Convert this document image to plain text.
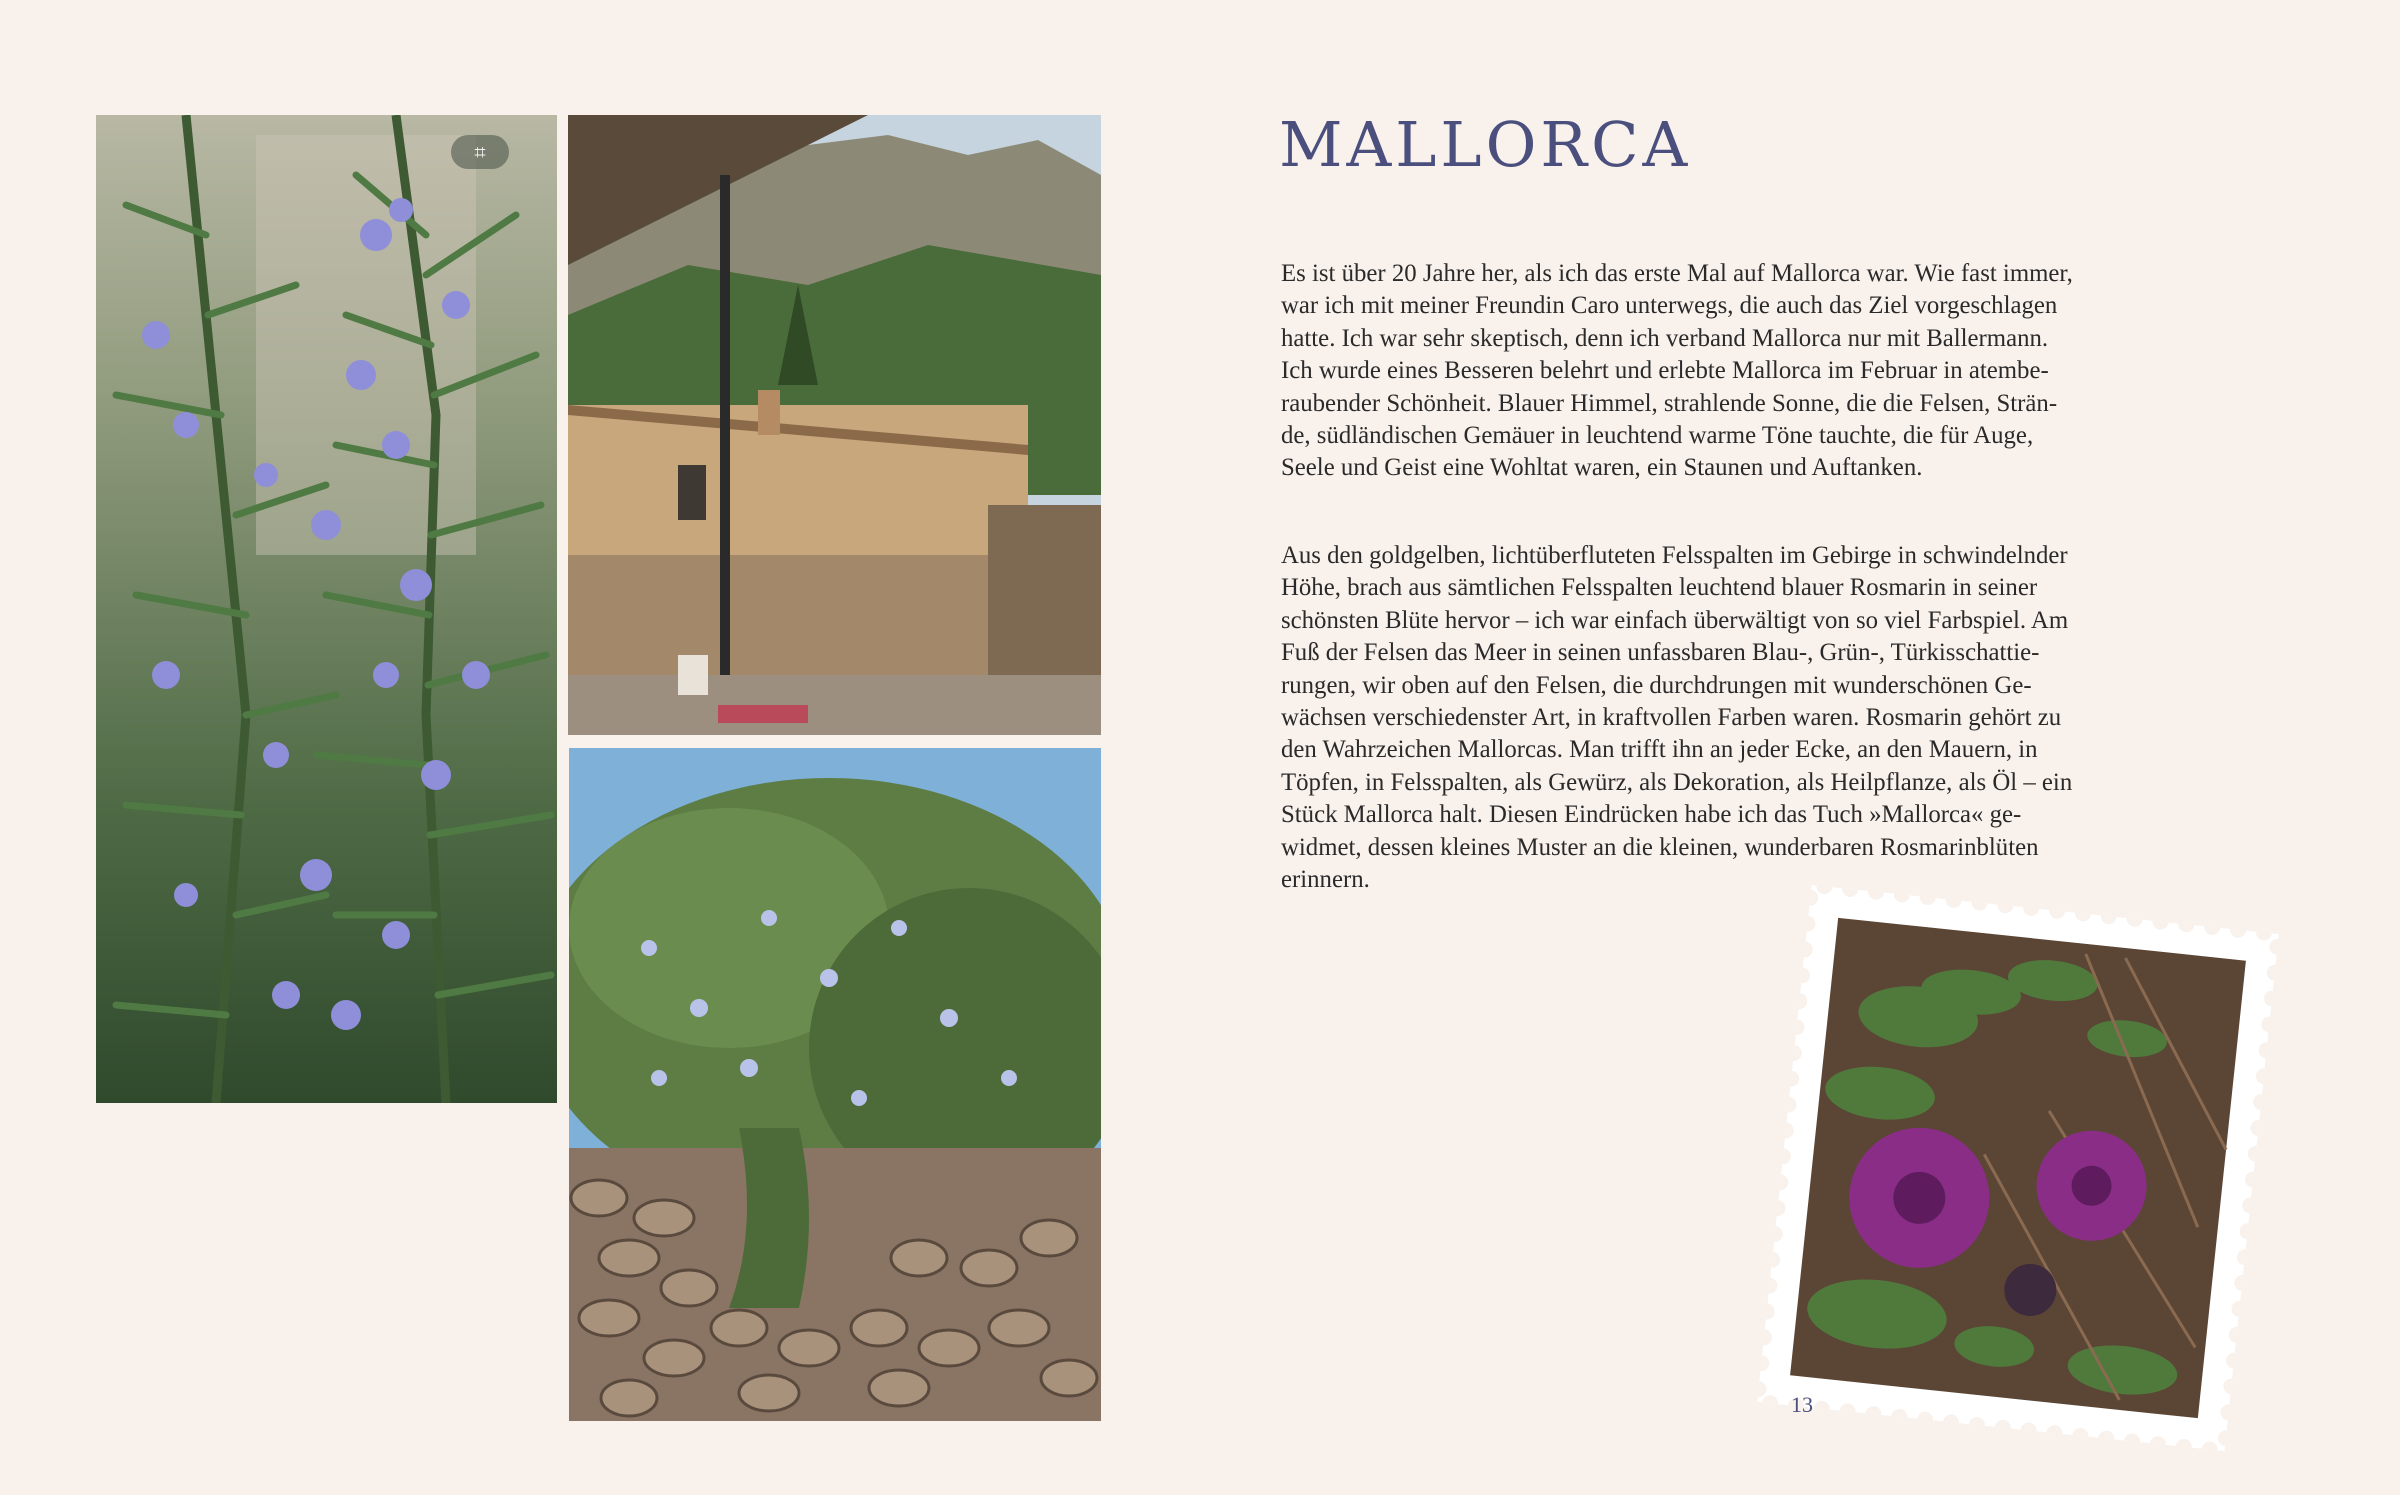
⌗	MALLORCA

Es ist über 20 Jahre her, als ich das erste Mal auf Mallorca war. Wie fast immer,
war ich mit meiner Freundin Caro unterwegs, die auch das Ziel vorgeschlagen
hatte. Ich war sehr skeptisch, denn ich verband Mallorca nur mit Ballermann.
Ich wurde eines Besseren belehrt und erlebte Mallorca im Februar in atembe-
raubender Schönheit. Blauer Himmel, strahlende Sonne, die die Felsen, Strän-
de, südländischen Gemäuer in leuchtend warme Töne tauchte, die für Auge,
Seele und Geist eine Wohltat waren, ein Staunen und Auftanken.

Aus den goldgelben, lichtüberfluteten Felsspalten im Gebirge in schwindelnder
Höhe, brach aus sämtlichen Felsspalten leuchtend blauer Rosmarin in seiner
schönsten Blüte hervor – ich war einfach überwältigt von so viel Farbspiel. Am
Fuß der Felsen das Meer in seinen unfassbaren Blau-, Grün-, Türkisschattie-
rungen, wir oben auf den Felsen, die durchdrungen mit wunderschönen Ge-
wächsen verschiedenster Art, in kraftvollen Farben waren. Rosmarin gehört zu
den Wahrzeichen Mallorcas. Man trifft ihn an jeder Ecke, an den Mauern, in
Töpfen, in Felsspalten, als Gewürz, als Dekoration, als Heilpflanze, als Öl – ein
Stück Mallorca halt. Diesen Eindrücken habe ich das Tuch »Mallorca« ge-
widmet, dessen kleines Muster an die kleinen, wunderbaren Rosmarinblüten
erinnern.

13
